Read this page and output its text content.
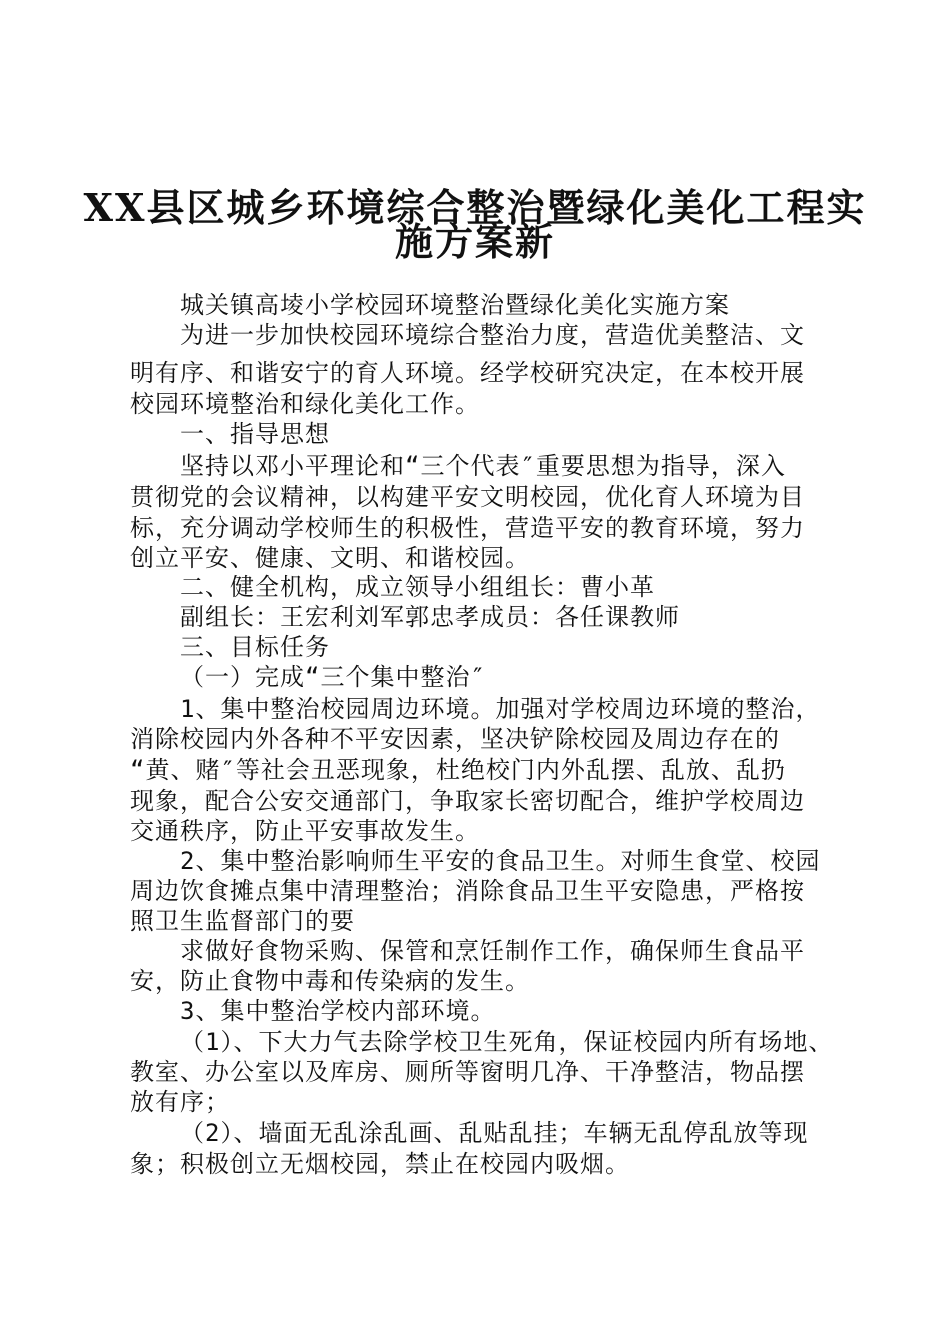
XX县区城乡环境综合整治暨绿化美化工程实
施方案新

城关镇高堎小学校园环境整治暨绿化美化实施方案

为进一步加快校园环境综合整治力度，营造优美整洁、文

明有序、和谐安宁的育人环境。经学校研究决定，在本校开展

校园环境整治和绿化美化工作。

一、指导思想

坚持以邓小平理论和“三个代表″重要思想为指导，深入

贯彻党的会议精神，以构建平安文明校园，优化育人环境为目

标，充分调动学校师生的积极性，营造平安的教育环境，努力

创立平安、健康、文明、和谐校园。

二、健全机构，成立领导小组组长：曹小革

副组长：王宏利刘军郭忠孝成员：各任课教师

三、目标任务

（一）完成“三个集中整治″

1、集中整治校园周边环境。加强对学校周边环境的整治，

消除校园内外各种不平安因素，坚决铲除校园及周边存在的

“黄、赌″等社会丑恶现象，杜绝校门内外乱摆、乱放、乱扔

现象，配合公安交通部门，争取家长密切配合，维护学校周边

交通秩序，防止平安事故发生。

2、集中整治影响师生平安的食品卫生。对师生食堂、校园

周边饮食摊点集中清理整治；消除食品卫生平安隐患，严格按

照卫生监督部门的要

求做好食物采购、保管和烹饪制作工作，确保师生食品平

安，防止食物中毒和传染病的发生。

3、集中整治学校内部环境。

（1）、下大力气去除学校卫生死角，保证校园内所有场地、

教室、办公室以及库房、厕所等窗明几净、干净整洁，物品摆

放有序；

（2）、墙面无乱涂乱画、乱贴乱挂；车辆无乱停乱放等现

象；积极创立无烟校园，禁止在校园内吸烟。
